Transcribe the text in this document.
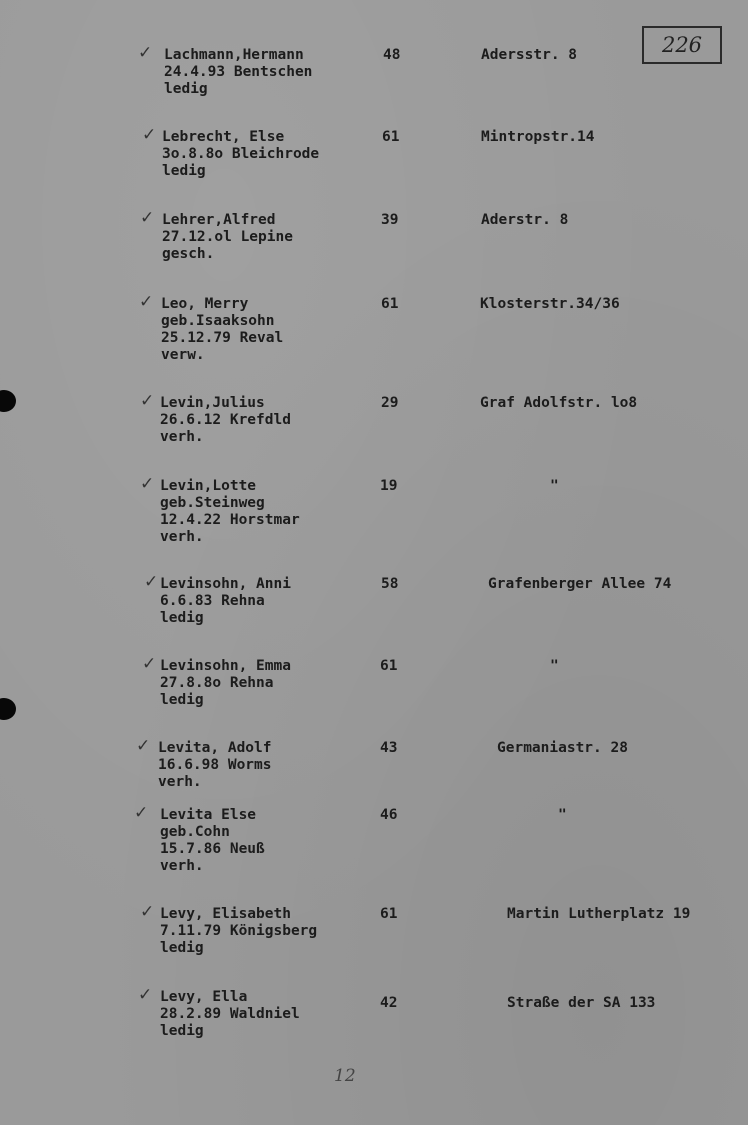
226
✓ Lachmann,Hermann
24.4.93 Bentschen
ledig
48	Adersstr. 8
✓ Lebrecht, Else
3o.8.8o Bleichrode
ledig
61	Mintropstr.14
✓ Lehrer,Alfred
27.12.ol Lepine
gesch.
39	Aderstr. 8
✓ Leo, Merry
geb.Isaaksohn
25.12.79 Reval
verw.
61	Klosterstr.34/36
✓ Levin,Julius
26.6.12 Krefdld
verh.
29	Graf Adolfstr. lo8
✓ Levin,Lotte
geb.Steinweg
12.4.22 Horstmar
verh.
19	"
✓ Levinsohn, Anni
6.6.83 Rehna
ledig
58	Grafenberger Allee 74
✓ Levinsohn, Emma
27.8.8o Rehna
ledig
61	"
✓ Levita, Adolf
16.6.98 Worms
verh.
43	Germaniastr. 28
✓ Levita Else
geb.Cohn
15.7.86 Neuß
verh.
46	"
✓ Levy, Elisabeth
7.11.79 Königsberg
ledig
61	Martin Lutherplatz 19
✓ Levy, Ella
28.2.89 Waldniel
ledig
42	Straße der SA 133
12
